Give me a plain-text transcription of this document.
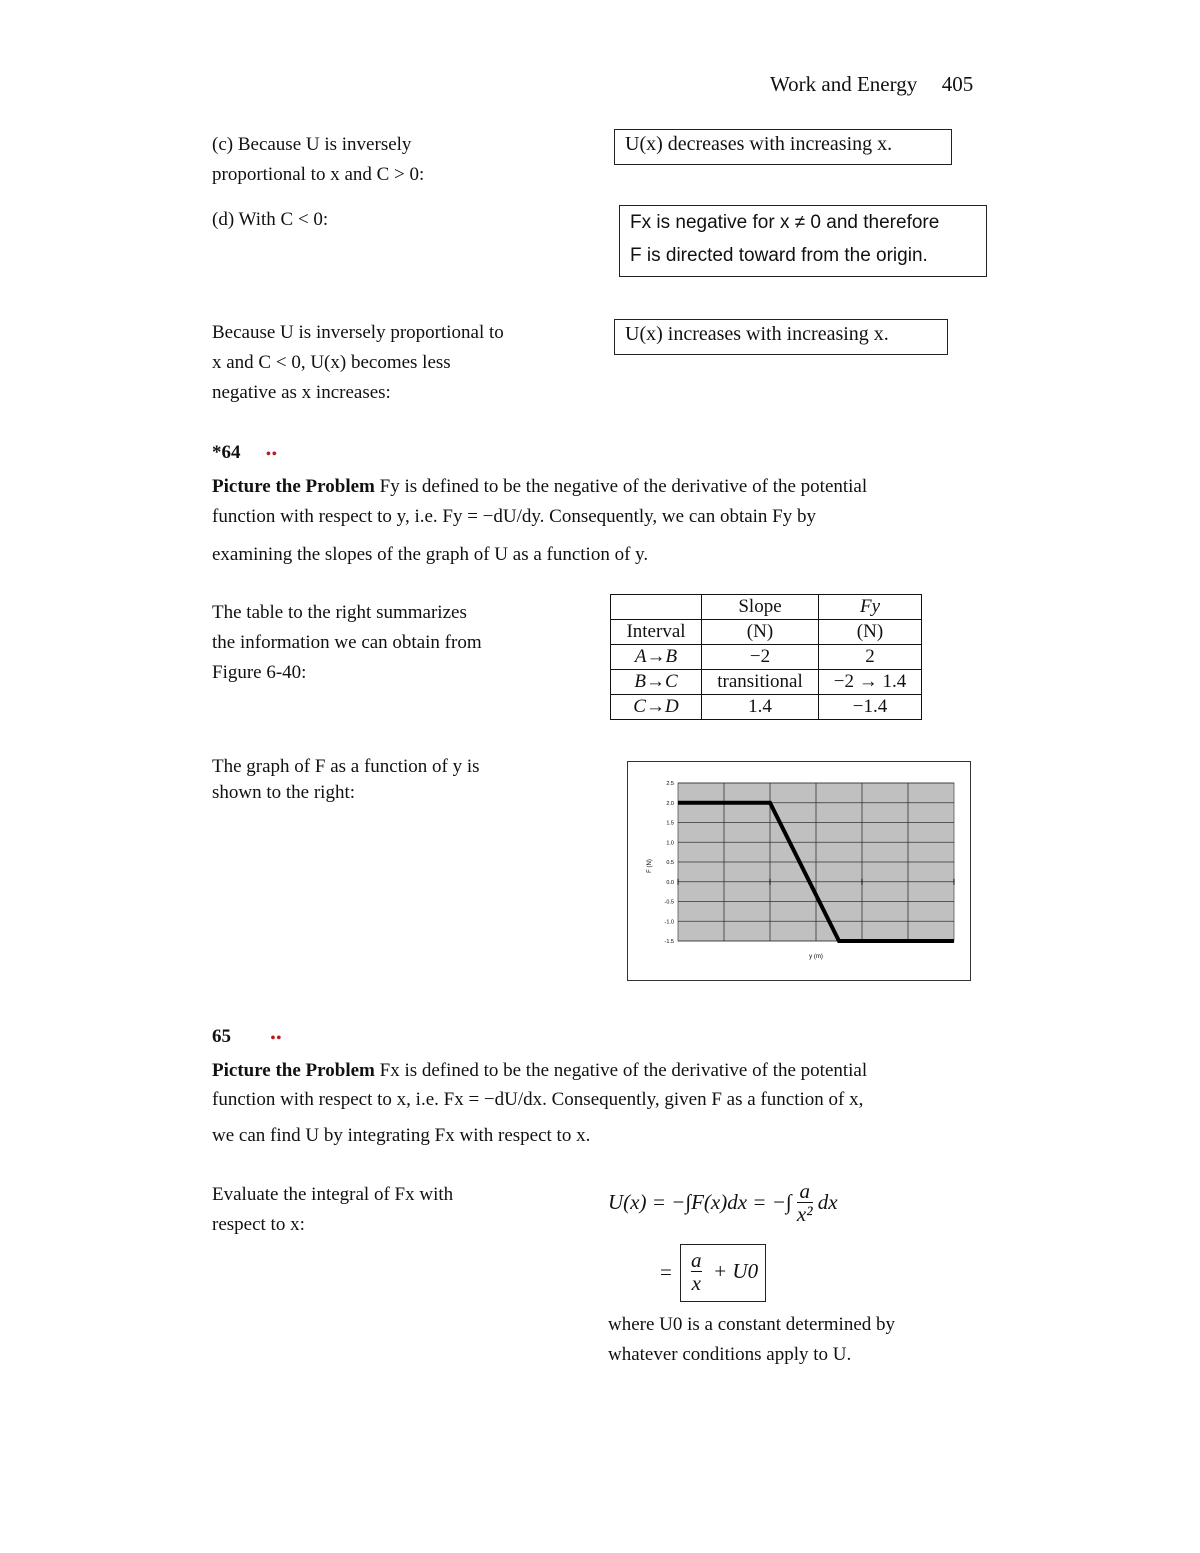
Work and Energy 405
(c) Because U is inversely
proportional to x and C > 0:
U(x) decreases with increasing x.
(d) With C < 0:	Fx is negative for x ≠ 0 and therefore
F is directed toward from the origin.
Because U is inversely proportional to
x and C < 0, U(x) becomes less
negative as x increases:
U(x) increases with increasing x.
*64 ••
Picture the Problem Fy is defined to be the negative of the derivative of the potential
function with respect to y, i.e. Fy = −dU/dy. Consequently, we can obtain Fy by
examining the slopes of the graph of U as a function of y.
The table to the right summarizes
the information we can obtain from
Figure 6-40:
	Slope	Fy
Interval	(N)	(N)
A→B	−2	2
B→C	transitional	−2 → 1.4
C→D	1.4	−1.4
The graph of F as a function of y is
shown to the right:	2.5
2.0
1.5
1.0
0.5
0.0
-0.5
-1.0
-1.5
F (N)
y (m)
65	••
Picture the Problem Fx is defined to be the negative of the derivative of the potential
function with respect to x, i.e. Fx = −dU/dx. Consequently, given F as a function of x,
we can find U by integrating Fx with respect to x.
Evaluate the integral of Fx with
respect to x:
U(x) = −∫F(x)dx = −∫ $\frac{a}{\text{x²}}$ dx
= $\frac{a}{x} + U0$
where U0 is a constant determined by
whatever conditions apply to U.
